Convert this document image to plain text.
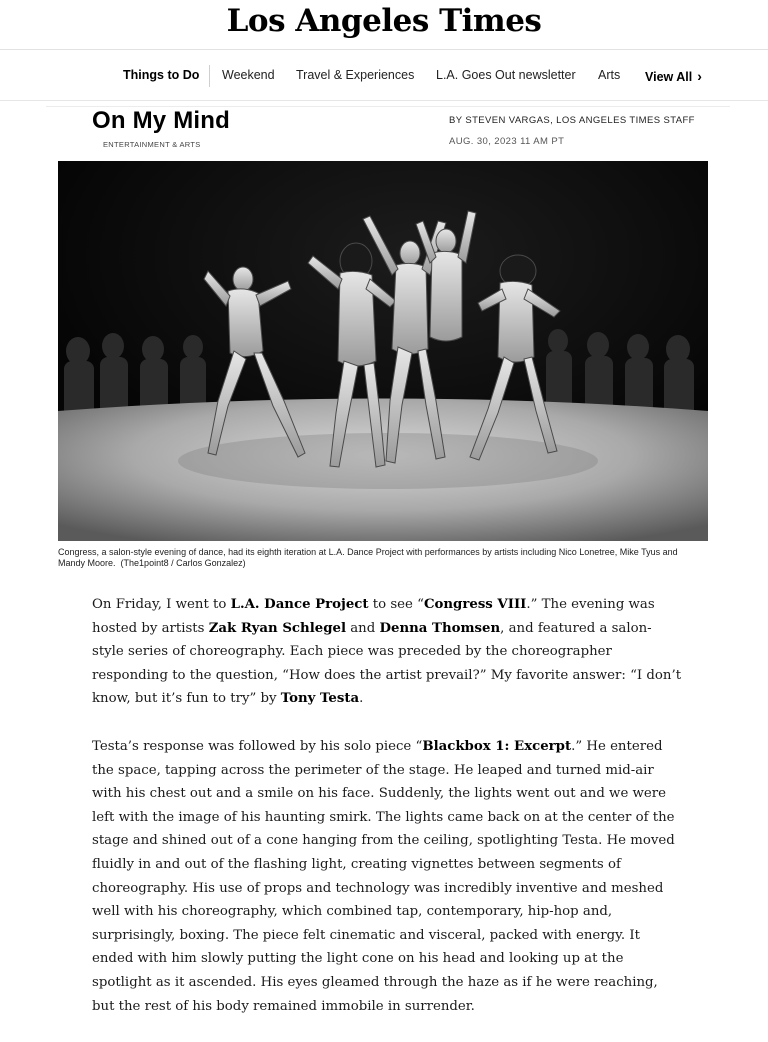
Los Angeles Times
Things to Do Weekend Travel & Experiences L.A. Goes Out newsletter Arts View All ›
On My Mind
ENTERTAINMENT & ARTS
BY STEVEN VARGAS, LOS ANGELES TIMES STAFF
AUG. 30, 2023 11 AM PT
Congress, a salon-style evening of dance, had its eighth iteration at L.A. Dance Project with performances by artists including Nico Lonetree, Mike Tyus and Mandy Moore. (The1point8 / Carlos Gonzalez)

On Friday, I went to L.A. Dance Project to see “Congress VIII.” The evening was hosted by artists Zak Ryan Schlegel and Denna Thomsen, and featured a salon-style series of choreography. Each piece was preceded by the choreographer responding to the question, “How does the artist prevail?” My favorite answer: “I don’t know, but it’s fun to try” by Tony Testa.

Testa’s response was followed by his solo piece “Blackbox 1: Excerpt.” He entered the space, tapping across the perimeter of the stage. He leaped and turned mid-air with his chest out and a smile on his face. Suddenly, the lights went out and we were left with the image of his haunting smirk. The lights came back on at the center of the stage and shined out of a cone hanging from the ceiling, spotlighting Testa. He moved fluidly in and out of the flashing light, creating vignettes between segments of choreography. His use of props and technology was incredibly inventive and meshed well with his choreography, which combined tap, contemporary, hip-hop and, surprisingly, boxing. The piece felt cinematic and visceral, packed with energy. It ended with him slowly putting the light cone on his head and looking up at the spotlight as it ascended. His eyes gleamed through the haze as if he were reaching, but the rest of his body remained immobile in surrender.
